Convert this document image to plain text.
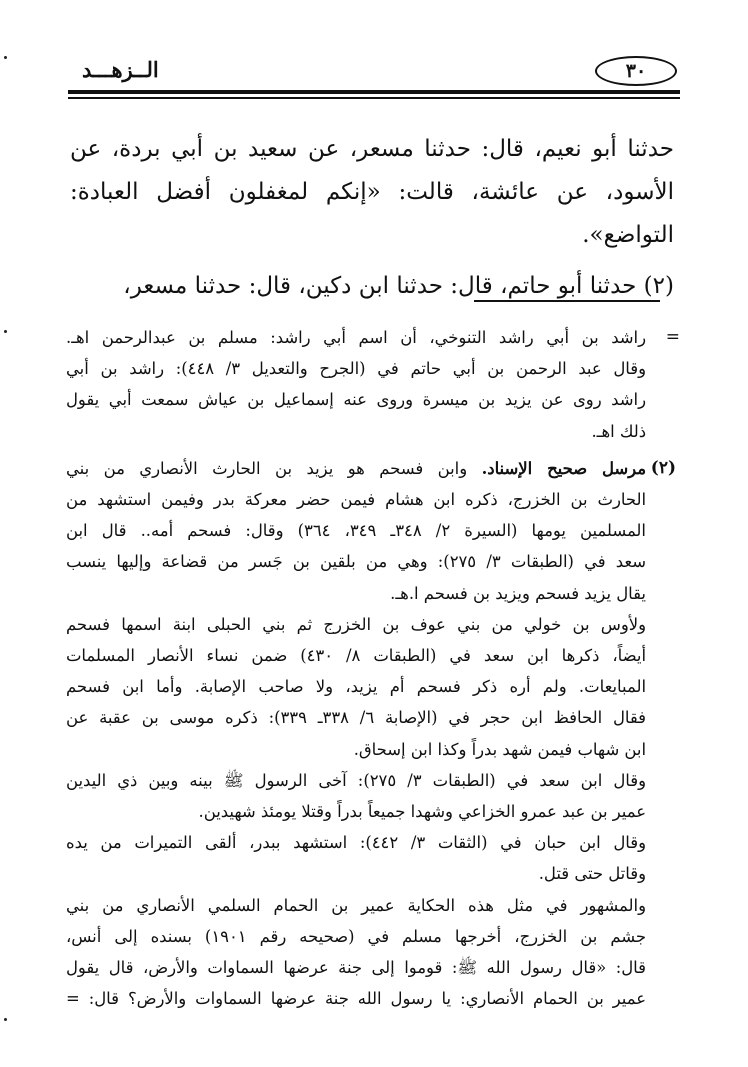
٣٠
الــزهـــد

حدثنا أبو نعيم، قال: حدثنا مسعر، عن سعيد بن أبي بردة، عن الأسود، عن عائشة، قالت: «إنكم لمغفلون أفضل العبادة: التواضع».

(٢) حدثنا أبو حاتم، قال: حدثنا ابن دكين، قال: حدثنا مسعر،

=
راشد بن أبي راشد التنوخي، أن اسم أبي راشد: مسلم بن عبدالرحمن اهـ.
وقال عبد الرحمن بن أبي حاتم في (الجرح والتعديل ٣/ ٤٤٨): راشد بن أبي
راشد روى عن يزيد بن ميسرة وروى عنه إسماعيل بن عياش سمعت أبي يقول
ذلك اهـ.
(٢)
مرسل صحيح الإسناد. وابن فسحم هو يزيد بن الحارث الأنصاري من بني
الحارث بن الخزرج، ذكره ابن هشام فيمن حضر معركة بدر وفيمن استشهد من
المسلمين يومها (السيرة ٢/ ٣٤٨ـ ٣٤٩، ٣٦٤) وقال: فسحم أمه.. قال ابن
سعد في (الطبقات ٣/ ٢٧٥): وهي من بلقين بن جَسر من قضاعة وإليها ينسب
يقال يزيد فسحم ويزيد بن فسحم ا.هـ.
ولأوس بن خولي من بني عوف بن الخزرج ثم بني الحبلى ابنة اسمها فسحم
أيضاً، ذكرها ابن سعد في (الطبقات ٨/ ٤٣٠) ضمن نساء الأنصار المسلمات
المبايعات. ولم أره ذكر فسحم أم يزيد، ولا صاحب الإصابة. وأما ابن فسحم
فقال الحافظ ابن حجر في (الإصابة ٦/ ٣٣٨ـ ٣٣٩): ذكره موسى بن عقبة عن
ابن شهاب فيمن شهد بدراً وكذا ابن إسحاق.
وقال ابن سعد في (الطبقات ٣/ ٢٧٥): آخى الرسول ﷺ بينه وبين ذي اليدين
عمير بن عبد عمرو الخزاعي وشهدا جميعاً بدراً وقتلا يومئذ شهيدين.
وقال ابن حبان في (الثقات ٣/ ٤٤٢): استشهد ببدر، ألقى التميرات من يده
وقاتل حتى قتل.
والمشهور في مثل هذه الحكاية عمير بن الحمام السلمي الأنصاري من بني
جشم بن الخزرج، أخرجها مسلم في (صحيحه رقم ١٩٠١) بسنده إلى أنس،
قال: «قال رسول الله ﷺ: قوموا إلى جنة عرضها السماوات والأرض، قال يقول
عمير بن الحمام الأنصاري: يا رسول الله جنة عرضها السماوات والأرض؟ قال: =
